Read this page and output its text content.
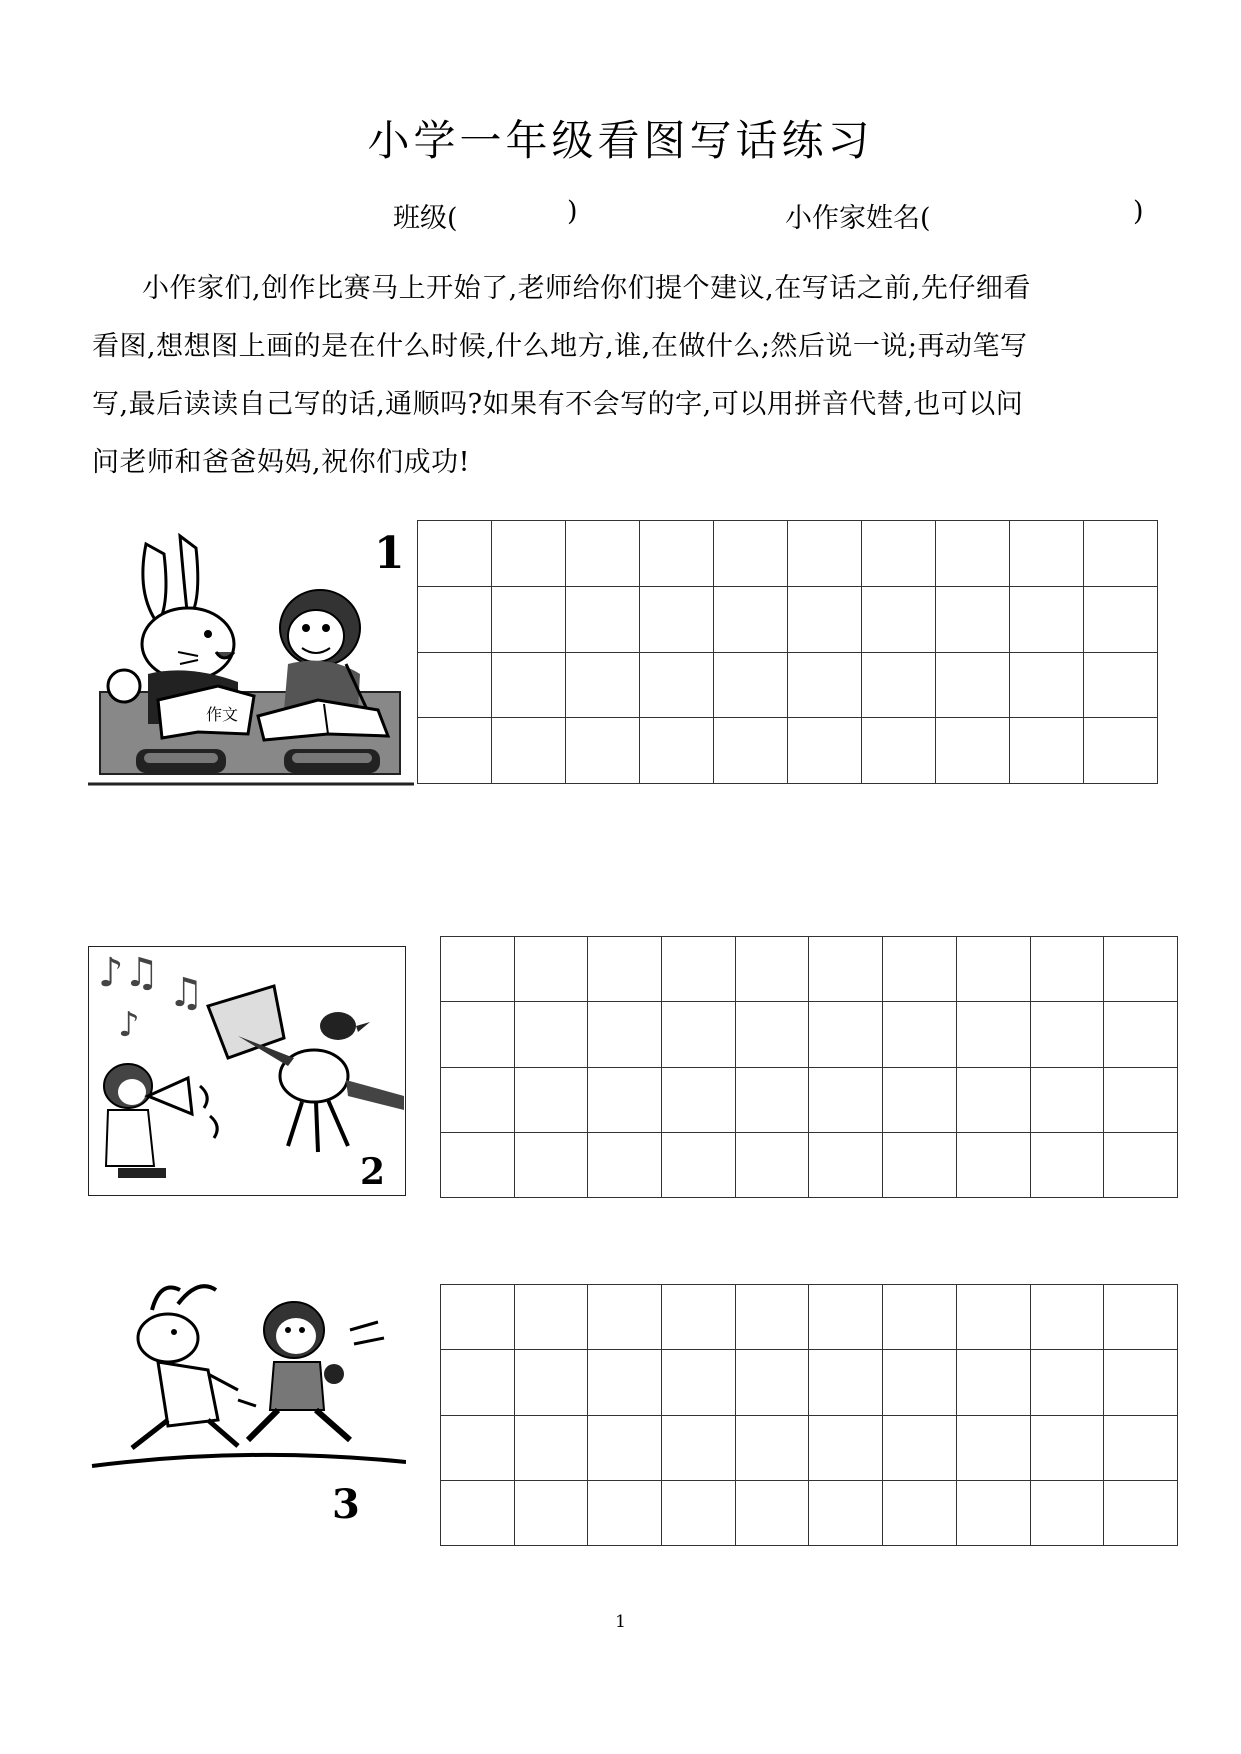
小学一年级看图写话练习
班级(	)	小作家姓名(	)
小作家们,创作比赛马上开始了,老师给你们提个建议,在写话之前,先仔细看
看图,想想图上画的是在什么时候,什么地方,谁,在做什么;然后说一说;再动笔写
写,最后读读自己写的话,通顺吗?如果有不会写的字,可以用拼音代替,也可以问
问老师和爸爸妈妈,祝你们成功!
作文
1

♪♫ ♫
♪
2

3

1
